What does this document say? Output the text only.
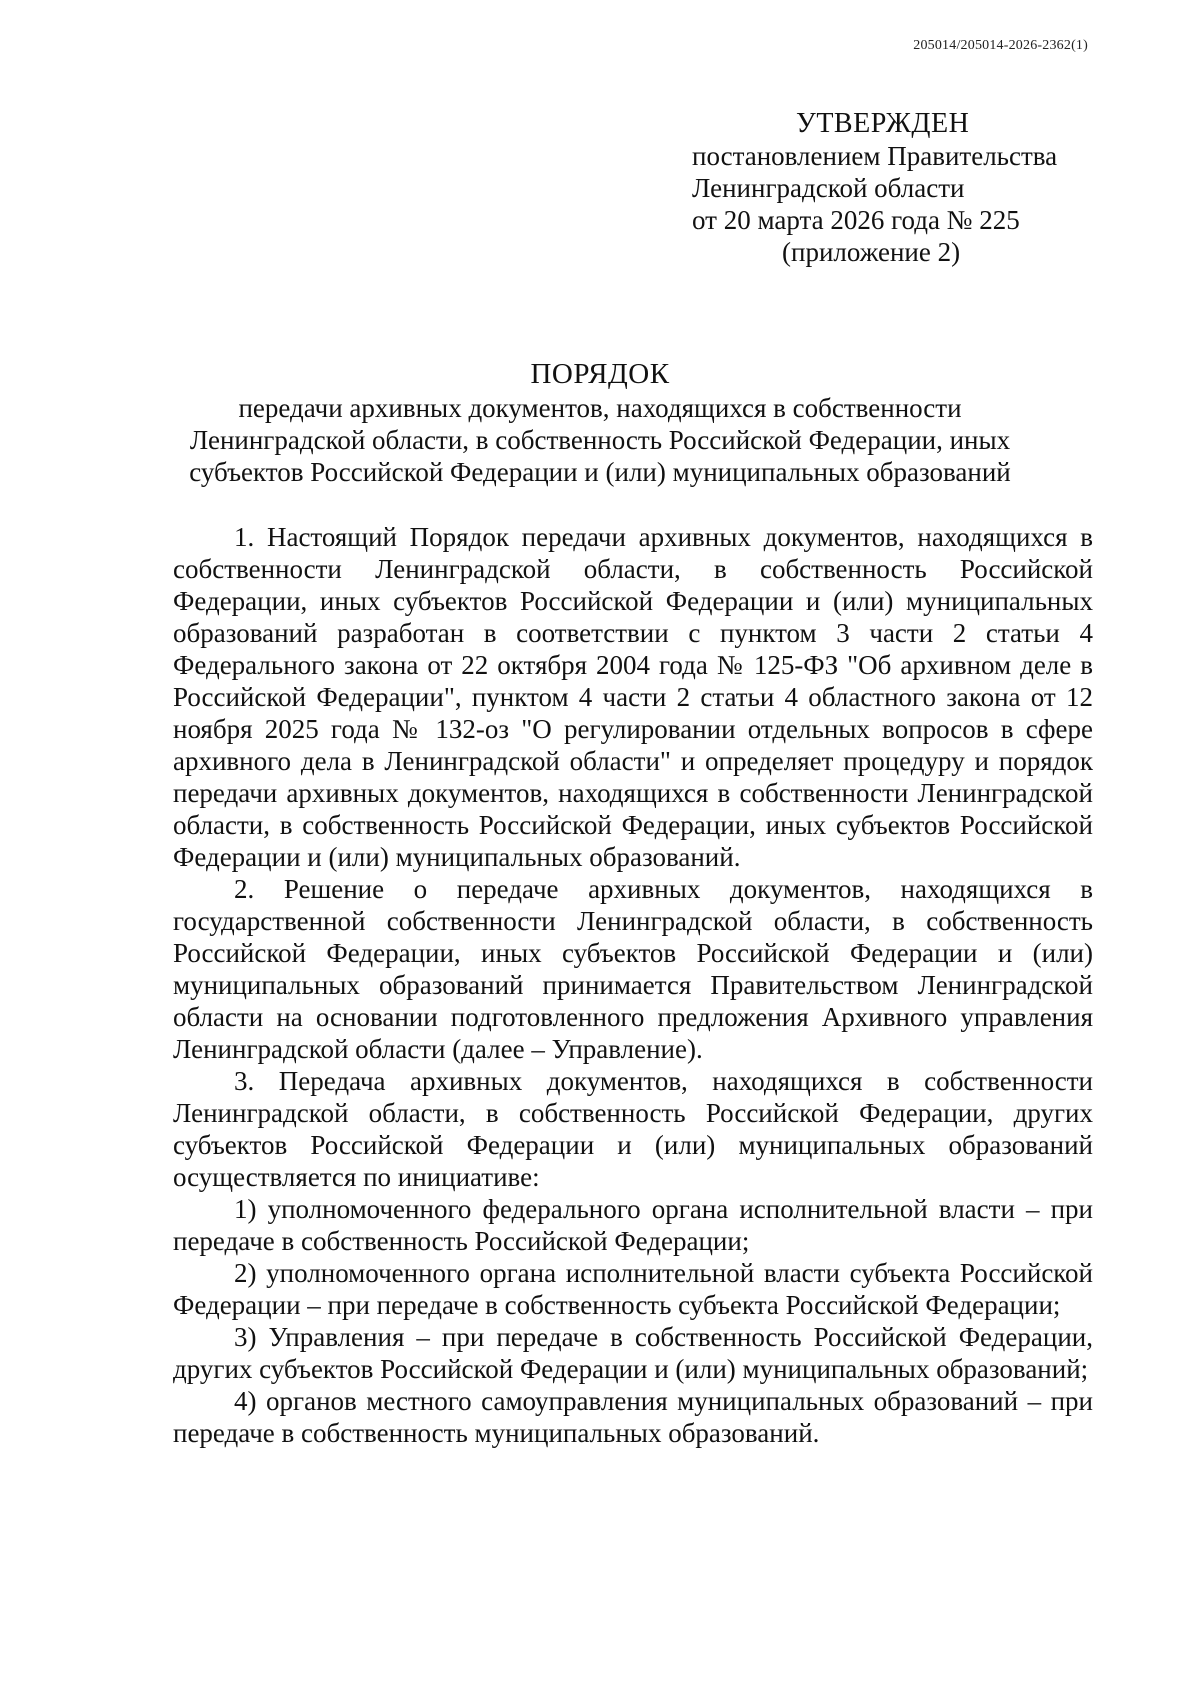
205014/205014-2026-2362(1)
УТВЕРЖДЕН
постановлением Правительства
Ленинградской области
от 20 марта 2026 года № 225
(приложение 2)
ПОРЯДОК
передачи архивных документов, находящихся в собственности
Ленинградской области, в собственность Российской Федерации, иных
субъектов Российской Федерации и (или) муниципальных образований

1. Настоящий Порядок передачи архивных документов, находящихся в собственности Ленинградской области, в собственность Российской Федерации, иных субъектов Российской Федерации и (или) муниципальных образований разработан в соответствии с пунктом 3 части 2 статьи 4 Федерального закона от 22 октября 2004 года № 125-ФЗ "Об архивном деле в Российской Федерации", пунктом 4 части 2 статьи 4 областного закона от 12 ноября 2025 года № 132-оз "О регулировании отдельных вопросов в сфере архивного дела в Ленинградской области" и определяет процедуру и порядок передачи архивных документов, находящихся в собственности Ленинградской области, в собственность Российской Федерации, иных субъектов Российской Федерации и (или) муниципальных образований.

2. Решение о передаче архивных документов, находящихся в государственной собственности Ленинградской области, в собственность Российской Федерации, иных субъектов Российской Федерации и (или) муниципальных образований принимается Правительством Ленинградской области на основании подготовленного предложения Архивного управления Ленинградской области (далее – Управление).

3. Передача архивных документов, находящихся в собственности Ленинградской области, в собственность Российской Федерации, других субъектов Российской Федерации и (или) муниципальных образований осуществляется по инициативе:

1) уполномоченного федерального органа исполнительной власти – при передаче в собственность Российской Федерации;

2) уполномоченного органа исполнительной власти субъекта Российской Федерации – при передаче в собственность субъекта Российской Федерации;

3) Управления – при передаче в собственность Российской Федерации, других субъектов Российской Федерации и (или) муниципальных образований;

4) органов местного самоуправления муниципальных образований – при передаче в собственность муниципальных образований.
